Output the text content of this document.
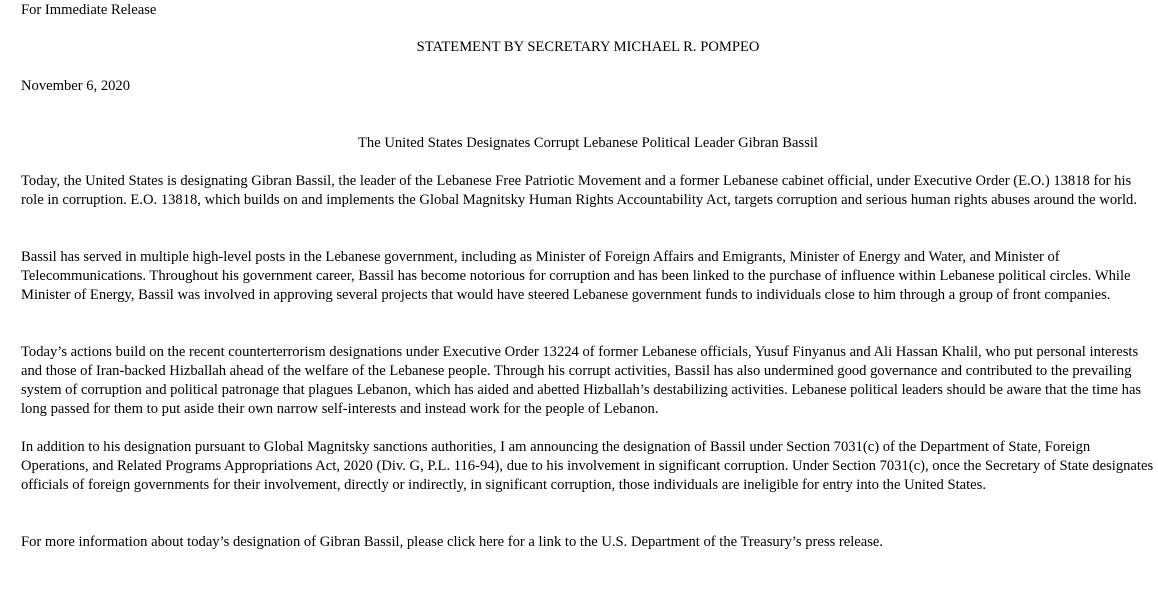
For Immediate Release
STATEMENT BY SECRETARY MICHAEL R. POMPEO
November 6, 2020
The United States Designates Corrupt Lebanese Political Leader Gibran Bassil

Today, the United States is designating Gibran Bassil, the leader of the Lebanese Free Patriotic Movement and a former Lebanese cabinet official, under Executive Order (E.O.) 13818 for his role in corruption. E.O. 13818, which builds on and implements the Global Magnitsky Human Rights Accountability Act, targets corruption and serious human rights abuses around the world.

Bassil has served in multiple high-level posts in the Lebanese government, including as Minister of Foreign Affairs and Emigrants, Minister of Energy and Water, and Minister of Telecommunications. Throughout his government career, Bassil has become notorious for corruption and has been linked to the purchase of influence within Lebanese political circles. While Minister of Energy, Bassil was involved in approving several projects that would have steered Lebanese government funds to individuals close to him through a group of front companies.

Today’s actions build on the recent counterterrorism designations under Executive Order 13224 of former Lebanese officials, Yusuf Finyanus and Ali Hassan Khalil, who put personal interests and those of Iran-backed Hizballah ahead of the welfare of the Lebanese people. Through his corrupt activities, Bassil has also undermined good governance and contributed to the prevailing system of corruption and political patronage that plagues Lebanon, which has aided and abetted Hizballah’s destabilizing activities. Lebanese political leaders should be aware that the time has long passed for them to put aside their own narrow self-interests and instead work for the people of Lebanon.

In addition to his designation pursuant to Global Magnitsky sanctions authorities, I am announcing the designation of Bassil under Section 7031(c) of the Department of State, Foreign Operations, and Related Programs Appropriations Act, 2020 (Div. G, P.L. 116-94), due to his involvement in significant corruption. Under Section 7031(c), once the Secretary of State designates officials of foreign governments for their involvement, directly or indirectly, in significant corruption, those individuals are ineligible for entry into the United States.

For more information about today’s designation of Gibran Bassil, please click here for a link to the U.S. Department of the Treasury’s press release.
